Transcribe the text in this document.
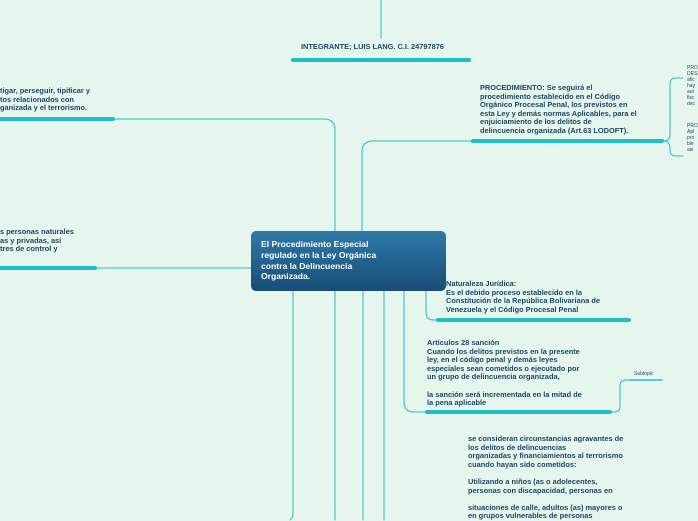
El Procedimiento Especial
regulado en la Ley Orgánica
contra la Delincuencia
Organizada.
INTEGRANTE; LUIS LANG. C.I. 24797876
PROCEDIMIENTO: Se seguirá el
procedimiento establecido en el Código
Orgánico Procesal Penal, los previstos en
esta Ley y demás normas Aplicables, para el
enjuiciamiento de los delitos de
delincuencia organizada (Art.63 LODOFT).
Naturaleza Jurídica:
Es el debido proceso establecido en la
Constitución de la República Bolivariana de
Venezuela y el Código Procesal Penal
Artículos 28 sanción
Cuando los delitos previstos en la presente
ley, en el código penal y demás leyes
especiales sean cometidos o ejecutado por
un grupo de delincuencia organizada,

la sanción será incrementada en la mitad de
la pena aplicable
Subtopic
se consideran circunstancias agravantes de
los delitos de delincuencias
organizadas y financiamientos al terrorismo
cuando hayan sido cometidos:

Utilizando a niños (as o adolecentes,
personas con discapacidad, personas en

situaciones de calle, adultos (as) mayores o
en grupos vulnerables de personas
tigar, perseguir, tipificar y
tos relacionados con
ganizada y el terrorismo.
s personas naturales
as y privadas, así
tres de control y
PRO
DES
afic
hay
aut
fisc
dec
PRO
Apl
pro
ble
asi
